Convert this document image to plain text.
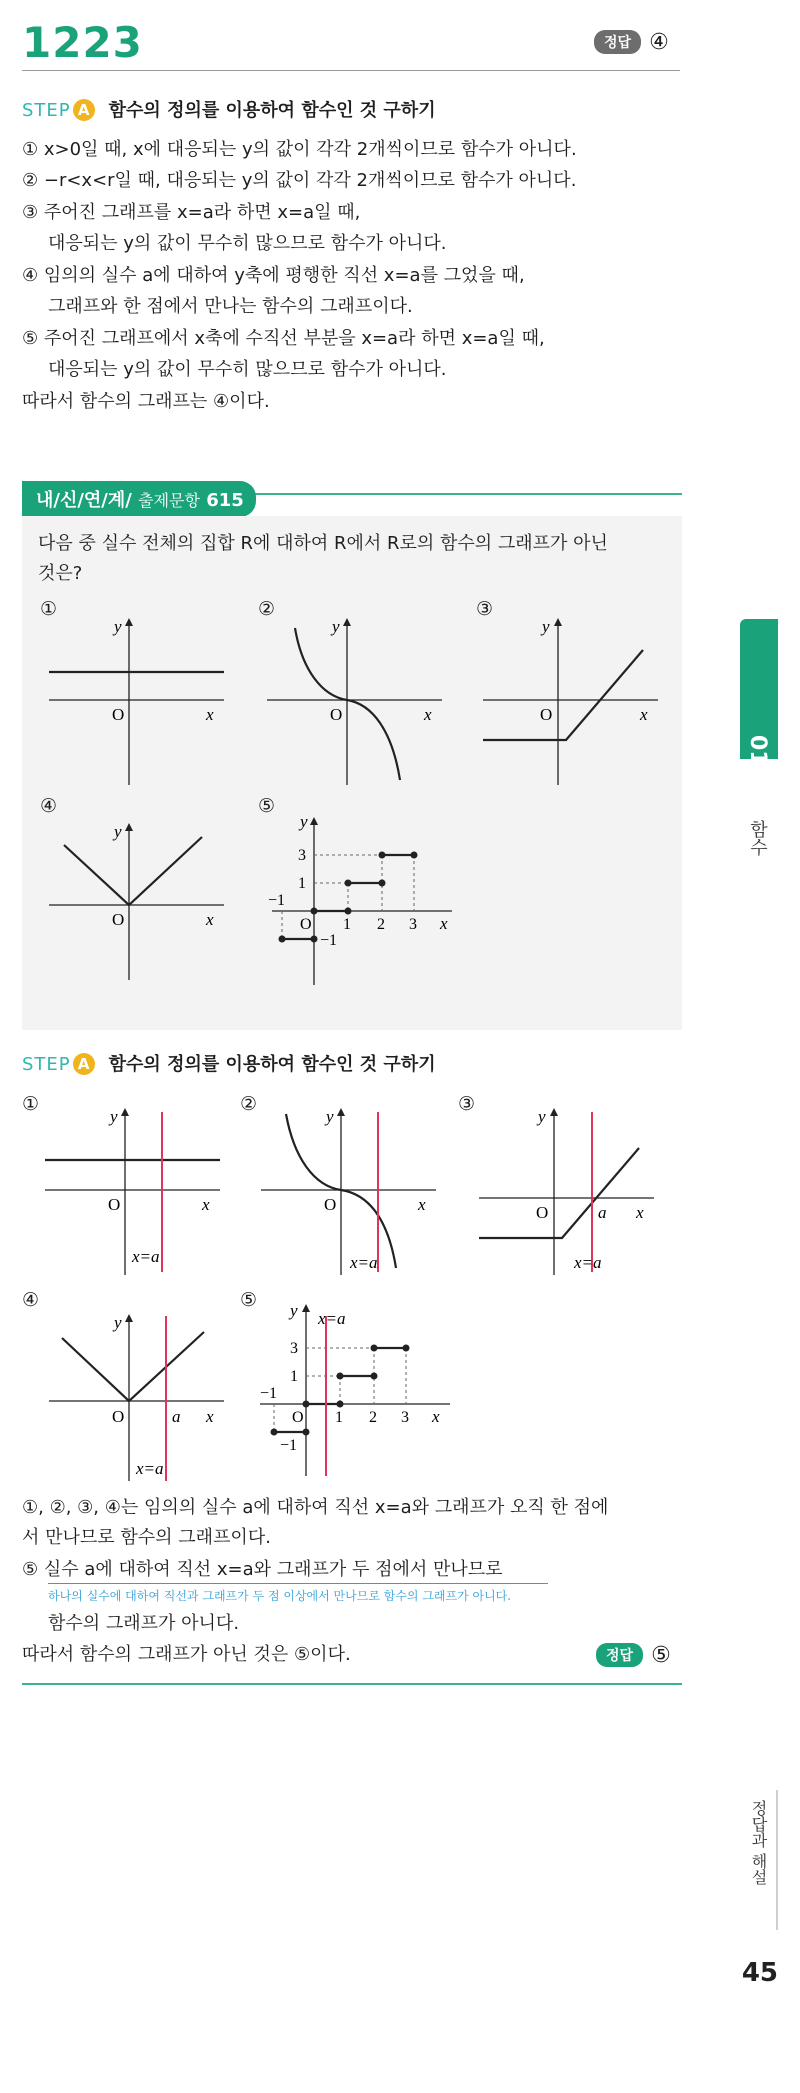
1223	정답 ④
STEP A 함수의 정의를 이용하여 함수인 것 구하기
① x>0일 때, x에 대응되는 y의 값이 각각 2개씩이므로 함수가 아니다.
② −r<x<r일 때, 대응되는 y의 값이 각각 2개씩이므로 함수가 아니다.
③ 주어진 그래프를 x=a라 하면 x=a일 때,
대응되는 y의 값이 무수히 많으므로 함수가 아니다.
④ 임의의 실수 a에 대하여 y축에 평행한 직선 x=a를 그었을 때,
그래프와 한 점에서 만나는 함수의 그래프이다.
⑤ 주어진 그래프에서 x축에 수직선 부분을 x=a라 하면 x=a일 때,
대응되는 y의 값이 무수히 많으므로 함수가 아니다.
따라서 함수의 그래프는 ④이다.
내/신/연/계/ 출제문항 615
다음 중 실수 전체의 집합 R에 대하여 R에서 R로의 함수의 그래프가 아닌
것은?
①	②	③
④	⑤
y
O	x
y
O	x
y
O	x
y
O	x
y
3
1
−1
O 1 2 3 x
−1
STEP A 함수의 정의를 이용하여 함수인 것 구하기
①	②	③
④	⑤
y
O	x
x=a
y
O	x
x=a
y
O	a x
x=a
y
O	a x
x=a
y x=a
3
1
−1
O 1 2 3 x
−1
①, ②, ③, ④는 임의의 실수 a에 대하여 직선 x=a와 그래프가 오직 한 점에
서 만나므로 함수의 그래프이다.
⑤ 실수 a에 대하여 직선 x=a와 그래프가 두 점에서 만나므로
하나의 실수에 대하여 직선과 그래프가 두 점 이상에서 만나므로 함수의 그래프가 아니다.
함수의 그래프가 아니다.
따라서 함수의 그래프가 아닌 것은 ⑤이다.	정답 ⑤
01
함수
정답과 해설
45
